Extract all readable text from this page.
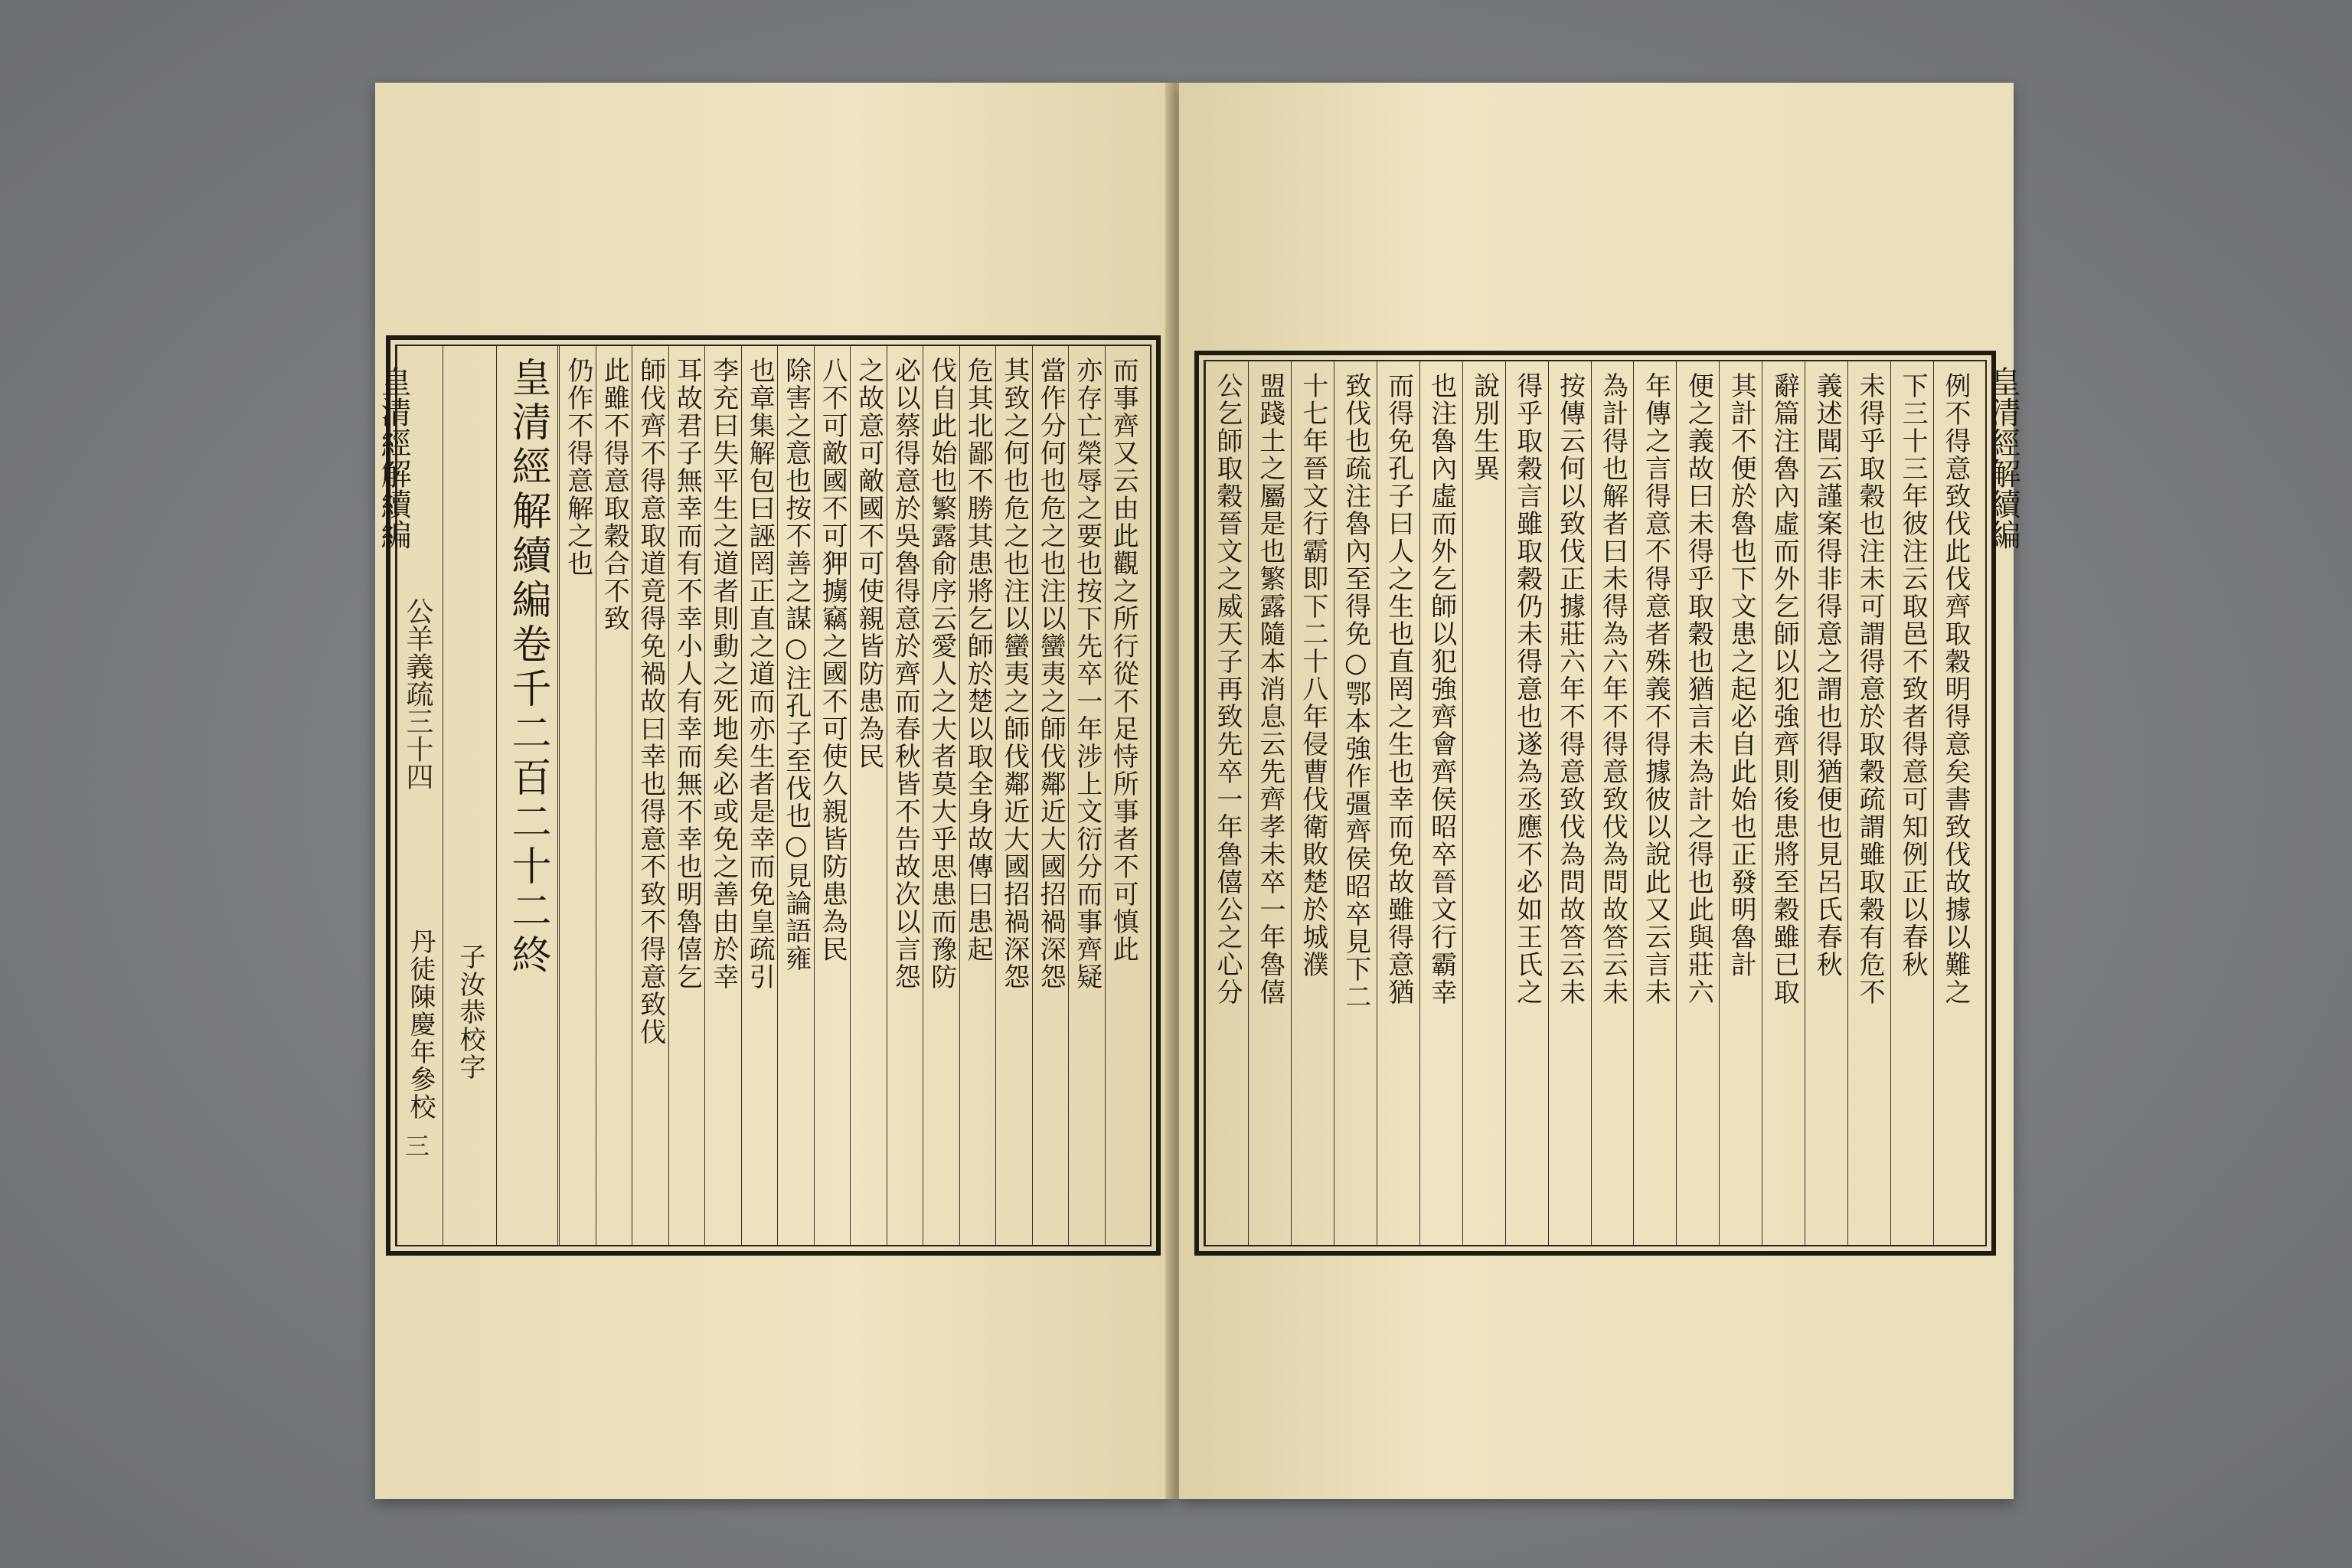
而事齊又云由此觀之所行從不足恃所事者不可慎此
亦存亡榮辱之要也按下先卒一年涉上文衍分而事齊疑
當作分何也危之也注以蠻夷之師伐鄰近大國招禍深怨
其致之何也危之也注以蠻夷之師伐鄰近大國招禍深怨
危其北鄙不勝其患將乞師於楚以取全身故傳曰患起
伐自此始也繁露俞序云愛人之大者莫大乎思患而豫防
必以蔡得意於吳魯得意於齊而春秋皆不告故次以言怨
之故意可敵國不可使親皆防患為民
八不可敵國不可狎擄竊之國不可使久親皆防患為民
除害之意也按不善之謀○注孔子至伐也○見論語雍
也章集解包曰誣罔正直之道而亦生者是幸而免皇疏引
李充曰失平生之道者則動之死地矣必或免之善由於幸
耳故君子無幸而有不幸小人有幸而無不幸也明魯僖乞
師伐齊不得意取道竟得免禍故曰幸也得意不致不得意致伐
此雖不得意取穀合不致
仍作不得意解之也
皇清經解續編卷千二百二十二終
子汝恭校字
丹徒陳慶年參校
例不得意致伐此伐齊取穀明得意矣書致伐故據以難之
下三十三年彼注云取邑不致者得意可知例正以春秋
未得乎取穀也注未可謂得意於取穀疏謂雖取穀有危不
義述聞云謹案得非得意之謂也得猶便也見呂氏春秋
辭篇注魯內虛而外乞師以犯強齊則後患將至穀雖已取
其計不便於魯也下文患之起必自此始也正發明魯計
便之義故曰未得乎取穀也猶言未為計之得也此與莊六
年傳之言得意不得意者殊義不得據彼以說此又云言未
為計得也解者曰未得為六年不得意致伐為問故答云未
按傳云何以致伐正據莊六年不得意致伐為問故答云未
得乎取穀言雖取穀仍未得意也遂為丞應不必如王氏之
說別生異
也注魯內虛而外乞師以犯強齊會齊侯昭卒晉文行霸幸
而得免孔子曰人之生也直罔之生也幸而免故雖得意猶
致伐也疏注魯內至得免○鄂本強作彊齊侯昭卒見下二
十七年晉文行霸即下二十八年侵曹伐衛敗楚於城濮
盟踐土之屬是也繁露隨本消息云先齊孝未卒一年魯僖
公乞師取穀晉文之威天子再致先卒一年魯僖公之心分
皇清經解續編	皇清經解續編
公羊義疏三十四
三
